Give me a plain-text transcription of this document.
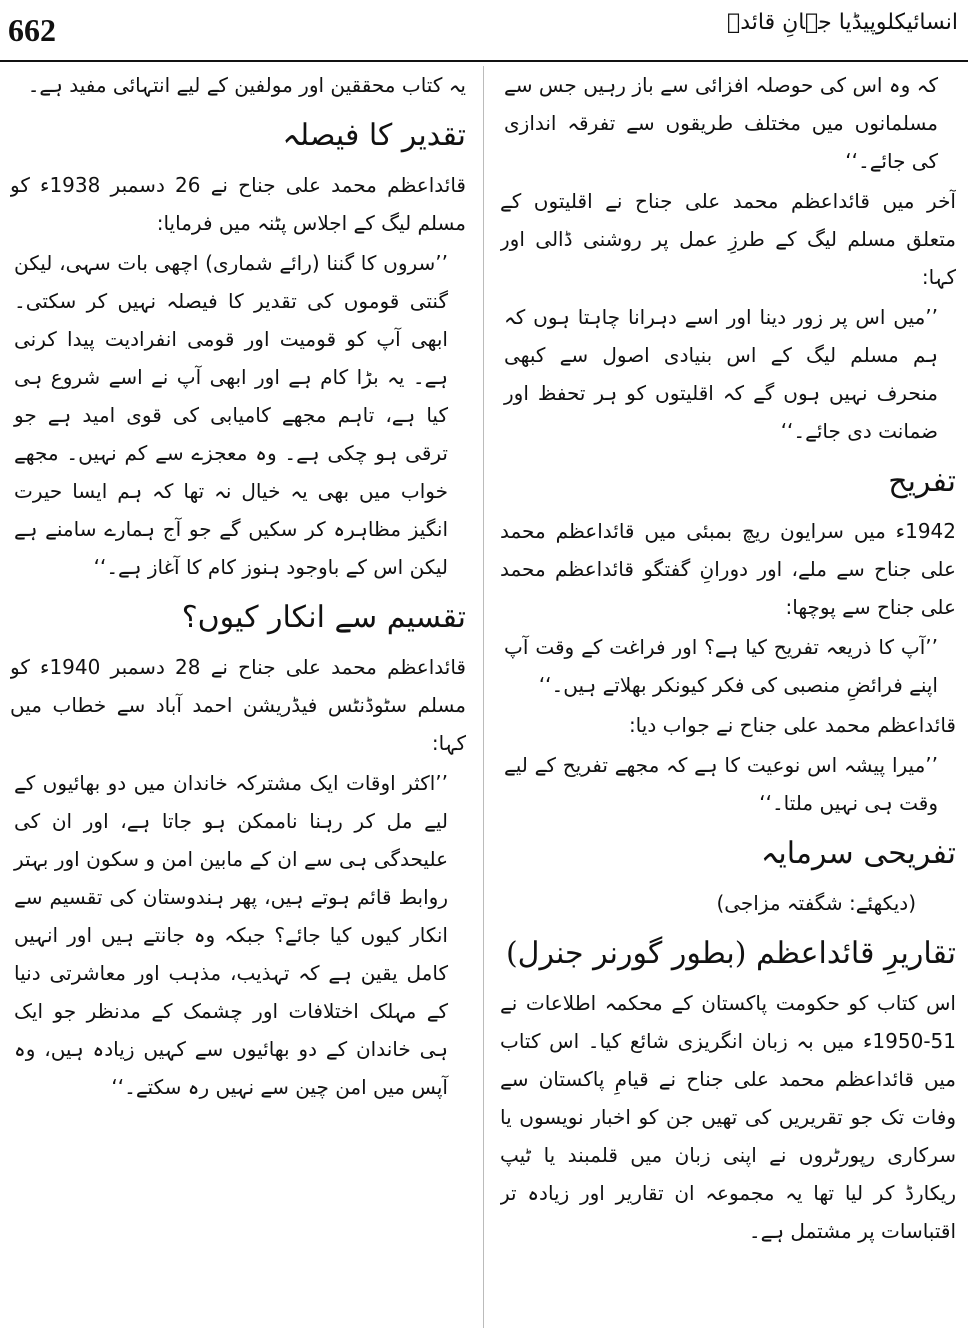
662	انسائیکلوپیڈیا جہانِ قائدؒ

کہ وہ اس کی حوصلہ افزائی سے باز رہیں جس سے مسلمانوں میں مختلف طریقوں سے تفرقہ اندازی کی جائے۔‘‘

آخر میں قائداعظم محمد علی جناح نے اقلیتوں کے متعلق مسلم لیگ کے طرزِ عمل پر روشنی ڈالی اور کہا:

’’میں اس پر زور دینا اور اسے دہرانا چاہتا ہوں کہ ہم مسلم لیگ کے اس بنیادی اصول سے کبھی منحرف نہیں ہوں گے کہ اقلیتوں کو ہر تحفظ اور ضمانت دی جائے۔‘‘

تفریح

1942ء میں سرایون ریچ بمبئی میں قائداعظم محمد علی جناح سے ملے، اور دورانِ گفتگو قائداعظم محمد علی جناح سے پوچھا:

’’آپ کا ذریعہ تفریح کیا ہے؟ اور فراغت کے وقت آپ اپنے فرائضِ منصبی کی فکر کیونکر بھلاتے ہیں۔‘‘

قائداعظم محمد علی جناح نے جواب دیا:

’’میرا پیشہ اس نوعیت کا ہے کہ مجھے تفریح کے لیے وقت ہی نہیں ملتا۔‘‘

تفریحی سرمایہ

(دیکھئے: شگفتہ مزاجی)

تقاریرِ قائداعظم (بطور گورنر جنرل)

اس کتاب کو حکومت پاکستان کے محکمہ اطلاعات نے 51-1950ء میں بہ زبان انگریزی شائع کیا۔ اس کتاب میں قائداعظم محمد علی جناح نے قیامِ پاکستان سے وفات تک جو تقریریں کی تھیں جن کو اخبار نویسوں یا سرکاری رپورٹروں نے اپنی زبان میں قلمبند یا ٹیپ ریکارڈ کر لیا تھا یہ مجموعہ ان تقاریر اور زیادہ تر اقتباسات پر مشتمل ہے۔

یہ کتاب محققین اور مولفین کے لیے انتہائی مفید ہے۔

تقدیر کا فیصلہ

قائداعظم محمد علی جناح نے 26 دسمبر 1938ء کو مسلم لیگ کے اجلاس پٹنہ میں فرمایا:

’’سروں کا گننا (رائے شماری) اچھی بات سہی، لیکن گنتی قوموں کی تقدیر کا فیصلہ نہیں کر سکتی۔ ابھی آپ کو قومیت اور قومی انفرادیت پیدا کرنی ہے۔ یہ بڑا کام ہے اور ابھی آپ نے اسے شروع ہی کیا ہے، تاہم مجھے کامیابی کی قوی امید ہے جو ترقی ہو چکی ہے۔ وہ معجزے سے کم نہیں۔ مجھے خواب میں بھی یہ خیال نہ تھا کہ ہم ایسا حیرت انگیز مظاہرہ کر سکیں گے جو آج ہمارے سامنے ہے لیکن اس کے باوجود ہنوز کام کا آغاز ہے۔‘‘

تقسیم سے انکار کیوں؟

قائداعظم محمد علی جناح نے 28 دسمبر 1940ء کو مسلم سٹوڈنٹس فیڈریشن احمد آباد سے خطاب میں کہا:

’’اکثر اوقات ایک مشترکہ خاندان میں دو بھائیوں کے لیے مل کر رہنا ناممکن ہو جاتا ہے، اور ان کی علیحدگی ہی سے ان کے مابین امن و سکون اور بہتر روابط قائم ہوتے ہیں، پھر ہندوستان کی تقسیم سے انکار کیوں کیا جائے؟ جبکہ وہ جانتے ہیں اور انہیں کامل یقین ہے کہ تہذیب، مذہب اور معاشرتی دنیا کے مہلک اختلافات اور چشمک کے مدنظر جو ایک ہی خاندان کے دو بھائیوں سے کہیں زیادہ ہیں، وہ آپس میں امن چین سے نہیں رہ سکتے۔‘‘
